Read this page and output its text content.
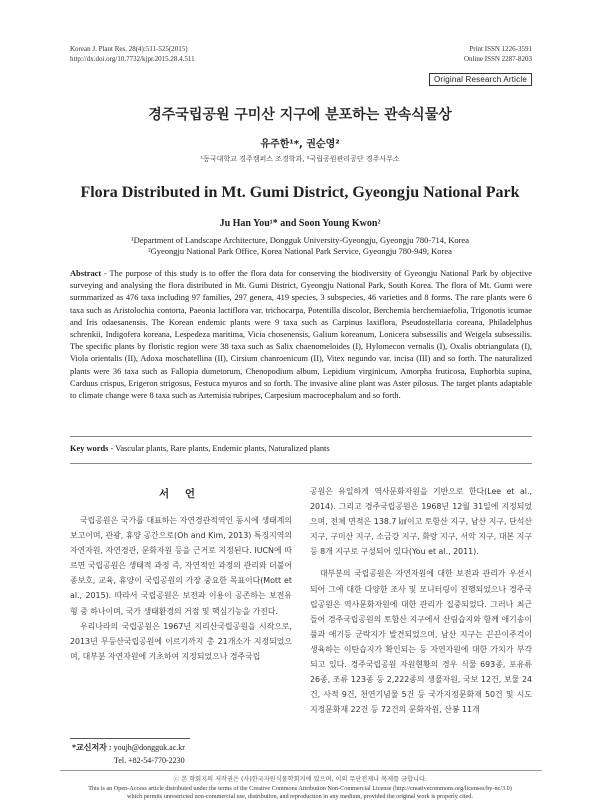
Korean J. Plant Res. 28(4):511-525(2015)
http://dx.doi.org/10.7732/kjpr.2015.28.4.511
Print ISSN 1226-3591
Online ISSN 2287-8203
Original Research Article
경주국립공원 구미산 지구에 분포하는 관속식물상
유주한¹*, 권순영²
¹동국대학교 경주캠퍼스 조경학과, ²국립공원관리공단 경주사무소
Flora Distributed in Mt. Gumi District, Gyeongju National Park
Ju Han You¹* and Soon Young Kwon²
¹Department of Landscape Architecture, Dongguk University-Gyeongju, Gyeongju 780-714, Korea
²Gyeongju National Park Office, Korea National Park Service, Gyeongju 780-949, Korea
Abstract - The purpose of this study is to offer the flora data for conserving the biodiversity of Gyeongju National Park by objective surveying and analysing the flora distributed in Mt. Gumi District, Gyeongju National Park, South Korea. The flora of Mt. Gumi were surmmarized as 476 taxa including 97 families, 297 genera, 419 species, 3 subspecies, 46 varieties and 8 forms. The rare plants were 6 taxa such as Aristolochia contorta, Paeonia lactiflora var. trichocarpa, Potentilla discolor, Berchemia berchemiaefolia, Trigonotis icumae and Iris odaesanensis. The Korean endemic plants were 9 taxa such as Carpinus laxiflora, Pseudostellaria coreana, Philadelphus schrenkii, Indigofera koreana, Lespedeza maritima, Vicia chosenensis, Galium koreanum, Lonicera subsessilis and Weigela subsessilis. The specific plants by floristic region were 38 taxa such as Salix chaenomeloides (I), Hylomecon vernalis (I), Oxalis obtriangulata (I), Viola orientalis (II), Adoxa moschatellina (II), Cirsium chanroenicum (II), Vitex negundo var. incisa (III) and so forth. The naturalized plants were 36 taxa such as Fallopia dumetorum, Chenopodium album, Lepidium virginicum, Amorpha fruticosa, Euphorbia supina, Carduus crispus, Erigeron strigosus, Festuca myuros and so forth. The invasive aline plant was Aster pilosus. The target plants adaptable to climate change were 8 taxa such as Artemisia rubripes, Carpesium macrocephalum and so forth.
Key words - Vascular plants, Rare plants, Endemic plants, Naturalized plants
서 언

국립공원은 국가를 대표하는 자연경관적역인 동시에 생태계의 보고이며, 관광, 휴양 공간으로(Oh and Kim, 2013) 특징지역의 자연자원, 자연경관, 문화자원 등을 근거로 지정된다. IUCN에 따르면 국립공원은 생태적 과정 즉, 자연적인 과정의 관리와 더불어 종보호, 교육, 휴양이 국립공원의 가장 중요한 목표이다(Mott et al., 2015). 따라서 국립공원은 보전과 이용이 공존하는 보전유형 중 하나이며, 국가 생태환경의 거점 및 핵심기능을 가진다.

우리나라의 국립공원은 1967년 지리산국립공원을 시작으로, 2013년 무등산국립공원에 이르기까지 총 21개소가 지정되었으며, 대부분 자연자원에 기초하여 지정되었으나 경주국립

*교신저자 : youjh@dongguk.ac.kr
Tel. +82-54-770-2230

공원은 유일하게 역사문화자원을 기반으로 한다(Lee et al., 2014). 그리고 경주국립공원은 1968년 12월 31일에 지정되었으며, 전체 면적은 138.7 ㎢이고 토함산 지구, 남산 지구, 단석산 지구, 구미산 지구, 소금강 지구, 화랑 지구, 서악 지구, 대본 지구 등 8개 지구로 구성되어 있다(You et al., 2011).

대부분의 국립공원은 자연자원에 대한 보전과 관리가 우선시 되어 그에 대한 다양한 조사 및 모니터링이 진행되었으나 경주국립공원은 역사문화자원에 대한 관리가 집중되었다. 그러나 최근 들어 경주국립공원의 토함산 지구에서 산림습지와 함께 애기송이풀과 애기등 군락지가 발견되었으며, 남산 지구는 끈끈이주걱이 생육하는 이탄습지가 확인되는 등 자연자원에 대한 가치가 부각되고 있다. 경주국립공원 자원현황의 경우 식물 693종, 포유류 26종, 조류 123종 등 2,222종의 생물자원, 국보 12건, 보물 24건, 사적 9건, 천연기념물 5건 등 국가지정문화재 50건 및 시도지정문화재 22건 등 72건의 문화자원, 산봉 11개

ⓒ 본 학회지의 저작권은 (사)한국자원식물학회지에 있으며, 이의 무단전재나 복제를 금합니다.
This is an Open-Access article distributed under the terms of the Creative Commons Attribution Non-Commercial License (http://creativecommons.org/licenses/by-nc/3.0)
which permits unrestricted non-commercial use, distribution, and reproduction in any medium, provided the original work is properly cited.
